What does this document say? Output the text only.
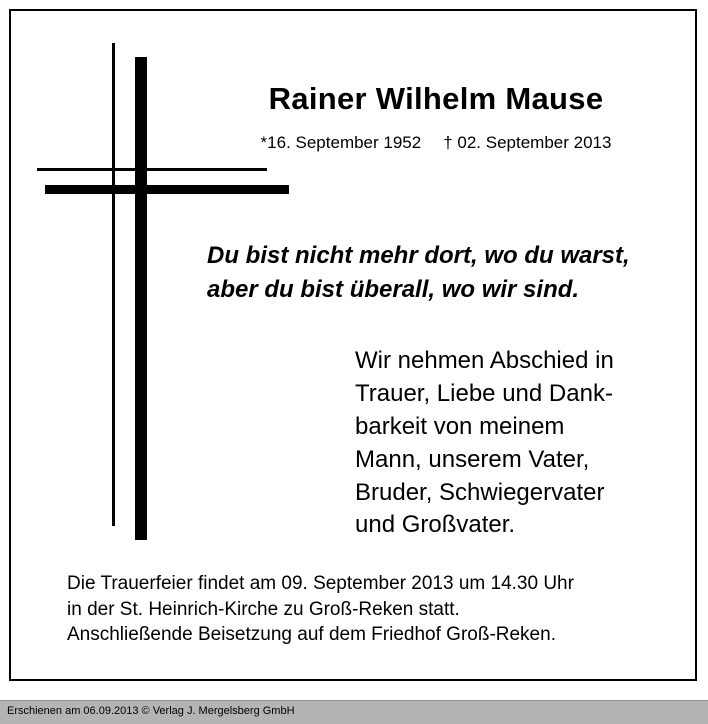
Rainer Wilhelm Mause
*16. September 1952 † 02. September 2013
Du bist nicht mehr dort, wo du warst,
aber du bist überall, wo wir sind.
Wir nehmen Abschied in
Trauer, Liebe und Dank-
barkeit von meinem
Mann, unserem Vater,
Bruder, Schwiegervater
und Großvater.
Die Trauerfeier findet am 09. September 2013 um 14.30 Uhr
in der St. Heinrich-Kirche zu Groß-Reken statt.
Anschließende Beisetzung auf dem Friedhof Groß-Reken.
Erschienen am 06.09.2013 © Verlag J. Mergelsberg GmbH
